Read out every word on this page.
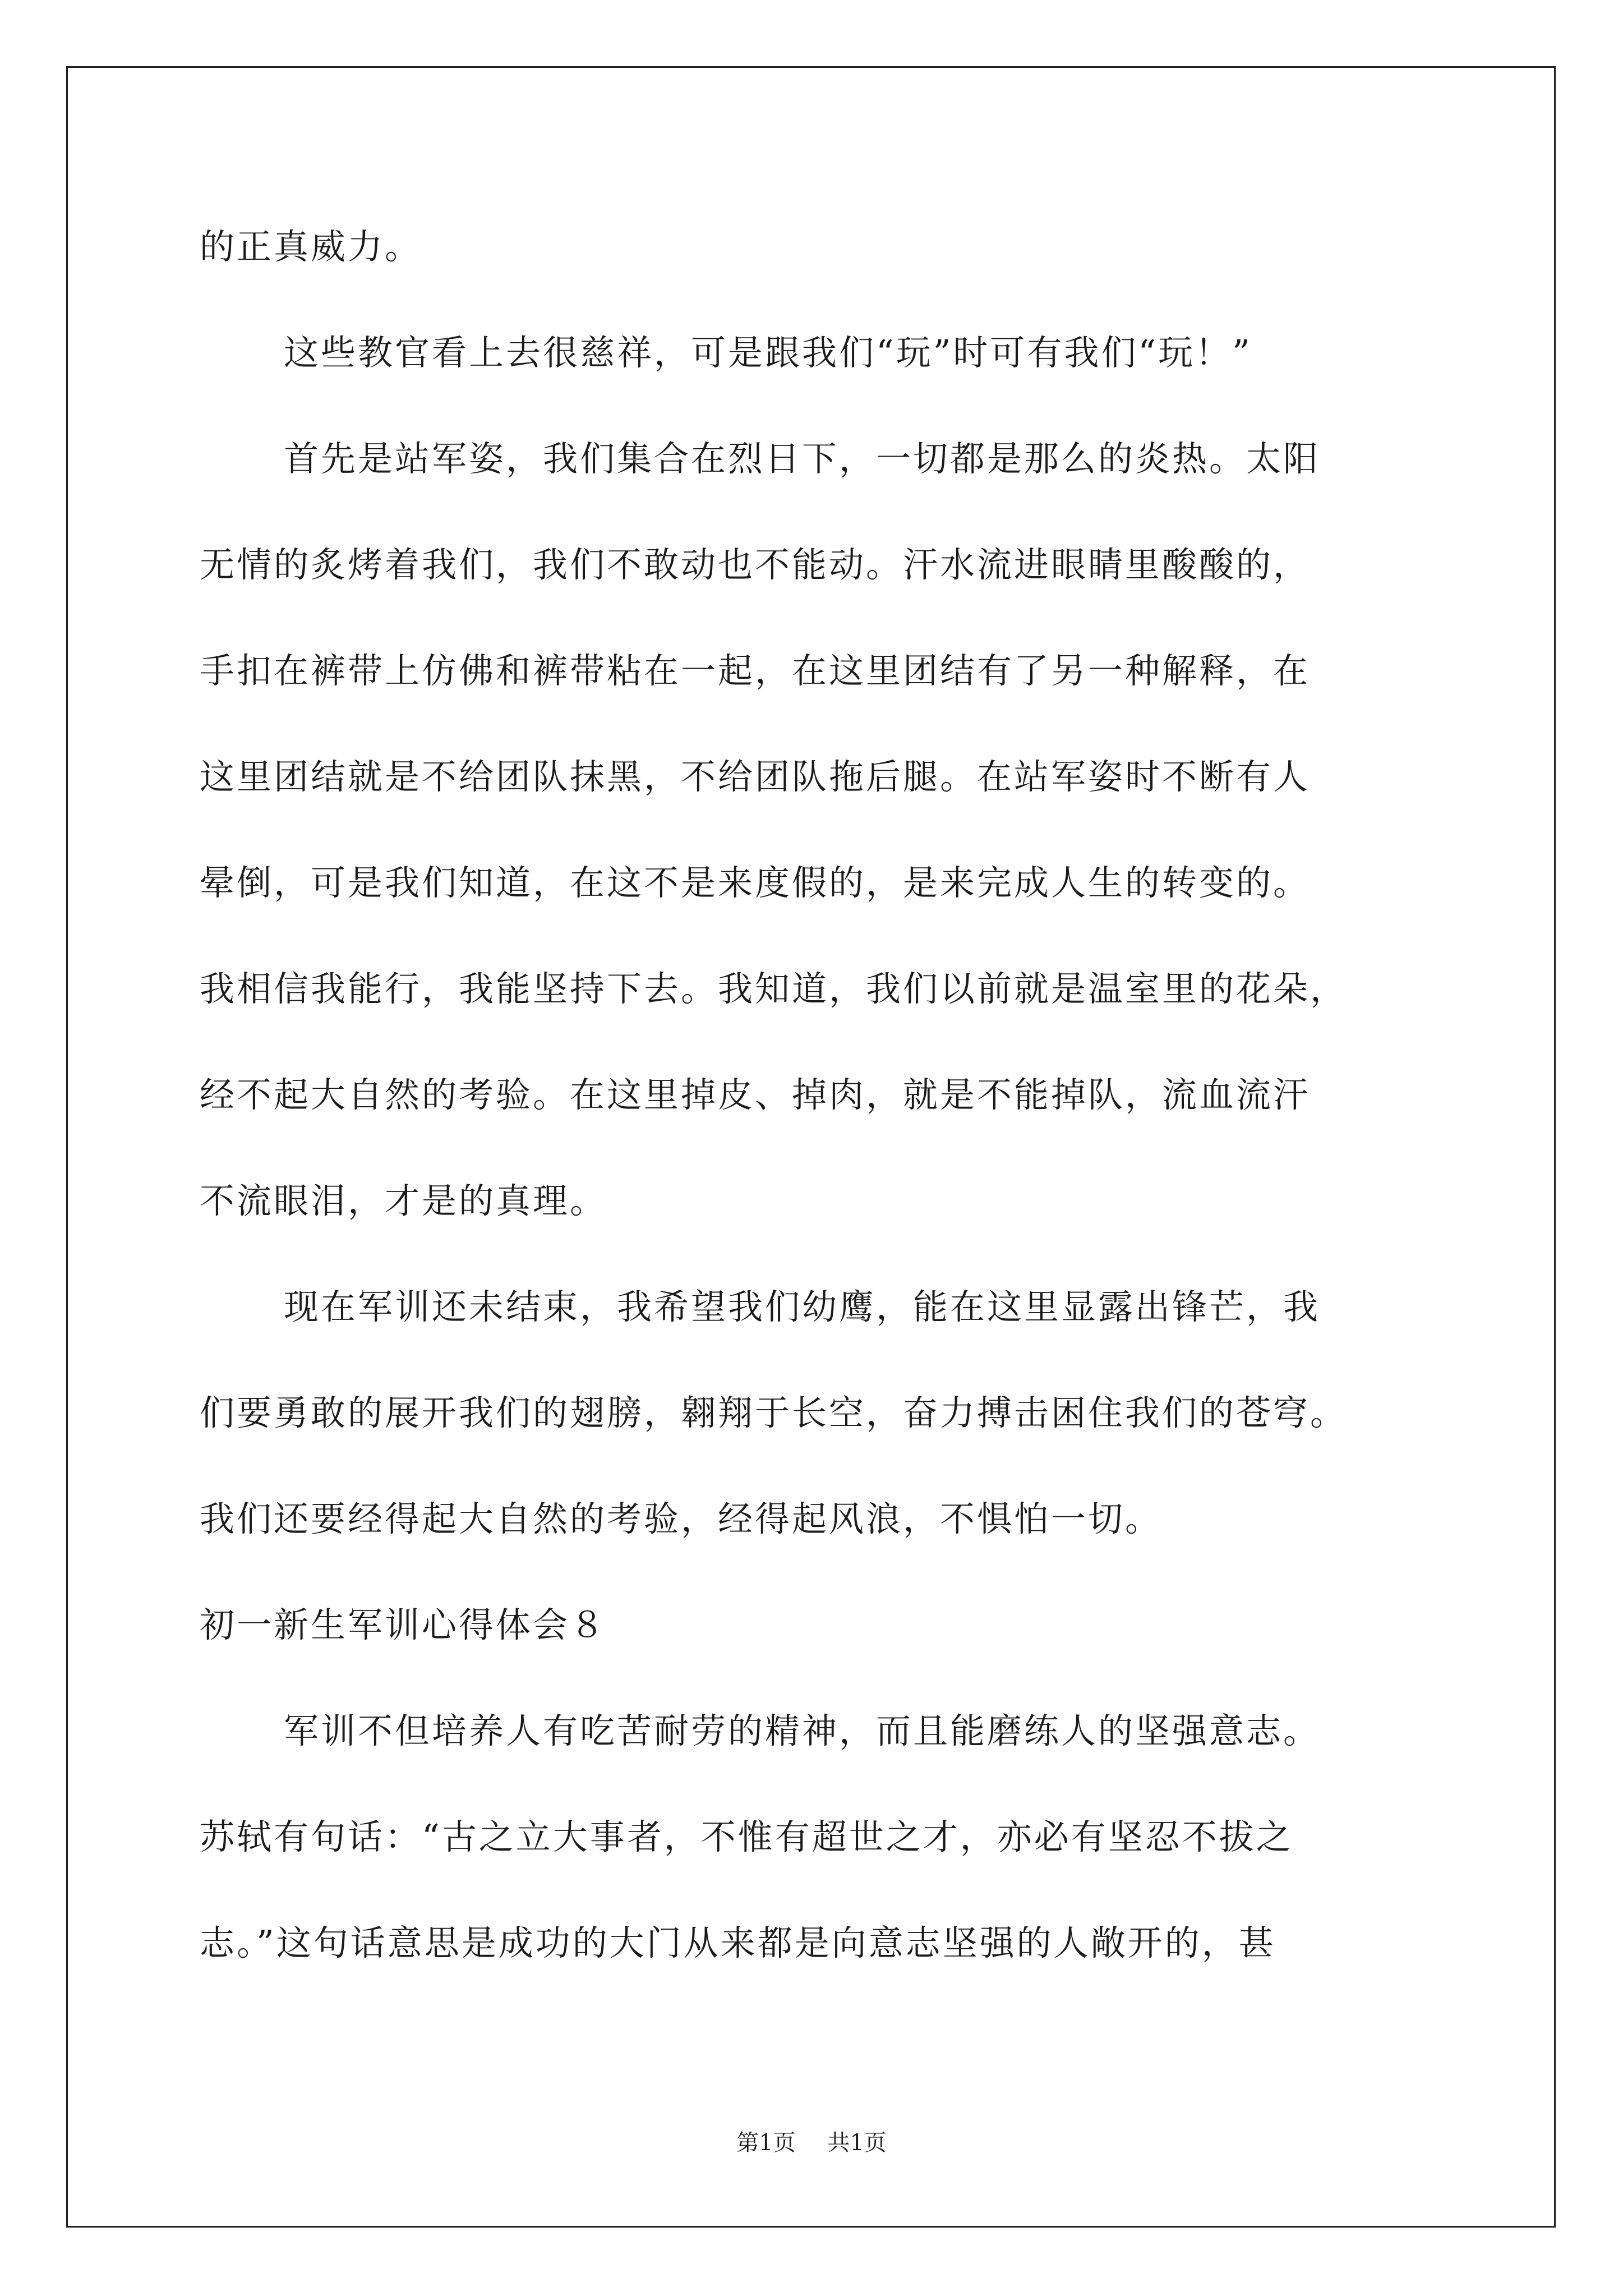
的正真威力。
这些教官看上去很慈祥，可是跟我们“玩”时可有我们“玩！”
首先是站军姿，我们集合在烈日下，一切都是那么的炎热。太阳
无情的炙烤着我们，我们不敢动也不能动。汗水流进眼睛里酸酸的，
手扣在裤带上仿佛和裤带粘在一起，在这里团结有了另一种解释，在
这里团结就是不给团队抹黑，不给团队拖后腿。在站军姿时不断有人
晕倒，可是我们知道，在这不是来度假的，是来完成人生的转变的。
我相信我能行，我能坚持下去。我知道，我们以前就是温室里的花朵，
经不起大自然的考验。在这里掉皮、掉肉，就是不能掉队，流血流汗
不流眼泪，才是的真理。
现在军训还未结束，我希望我们幼鹰，能在这里显露出锋芒，我
们要勇敢的展开我们的翅膀，翱翔于长空，奋力搏击困住我们的苍穹。
我们还要经得起大自然的考验，经得起风浪，不惧怕一切。
初一新生军训心得体会８
军训不但培养人有吃苦耐劳的精神，而且能磨练人的坚强意志。
苏轼有句话：“古之立大事者，不惟有超世之才，亦必有坚忍不拔之
志。”这句话意思是成功的大门从来都是向意志坚强的人敞开的，甚
第1页 共1页
